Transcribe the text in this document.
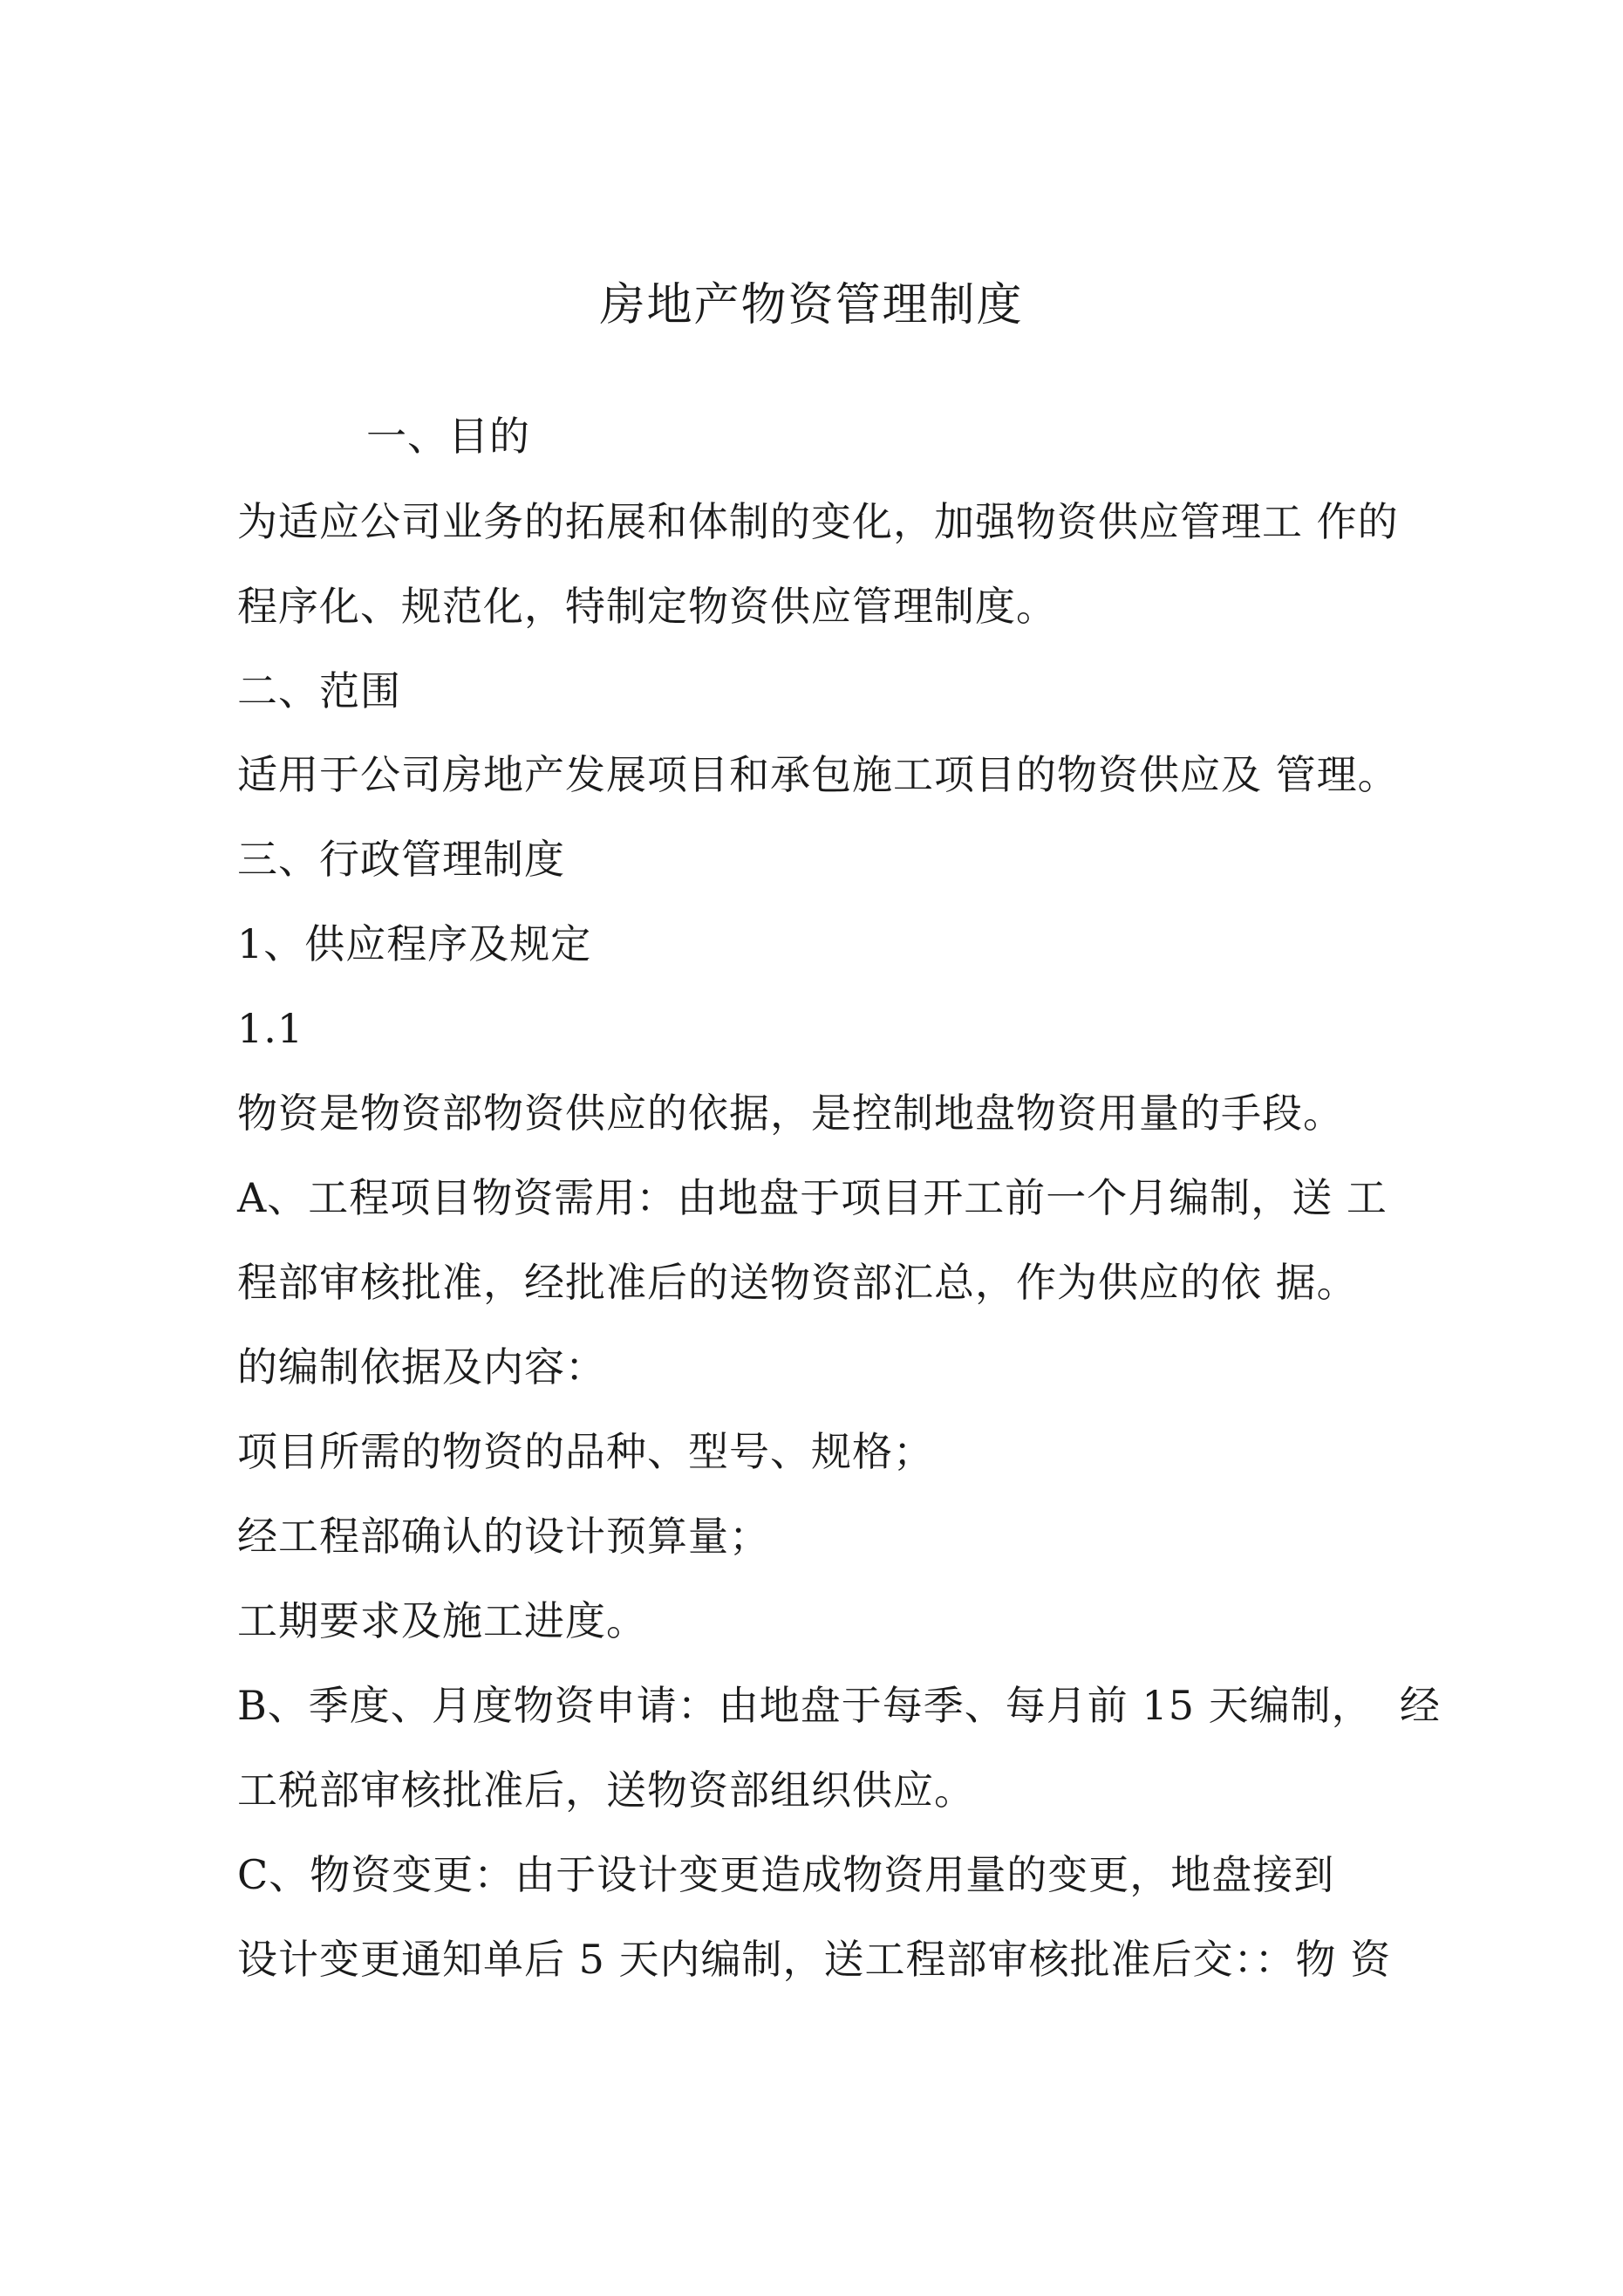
房地产物资管理制度
一、目的
为适应公司业务的拓展和体制的变化，加强物资供应管理工 作的
程序化、规范化，特制定物资供应管理制度。
二、范围
适用于公司房地产发展项目和承包施工项目的物资供应及 管理。
三、行政管理制度
1、供应程序及规定
1.1
物资是物资部物资供应的依据，是控制地盘物资用量的手段。
A、工程项目物资需用：由地盘于项目开工前一个月编制，送 工
程部审核批准，经批准后的送物资部汇总，作为供应的依 据。
的编制依据及内容：
项目所需的物资的品种、型号、规格；
经工程部确认的设计预算量；
工期要求及施工进度。
B、季度、月度物资申请：由地盘于每季、每月前 15 天编制，  经
工税部审核批准后，送物资部组织供应。
C、物资变更：由于设计变更造成物资用量的变更，地盘接到
设计变更通知单后 5 天内编制，送工程部审核批准后交：：物 资
